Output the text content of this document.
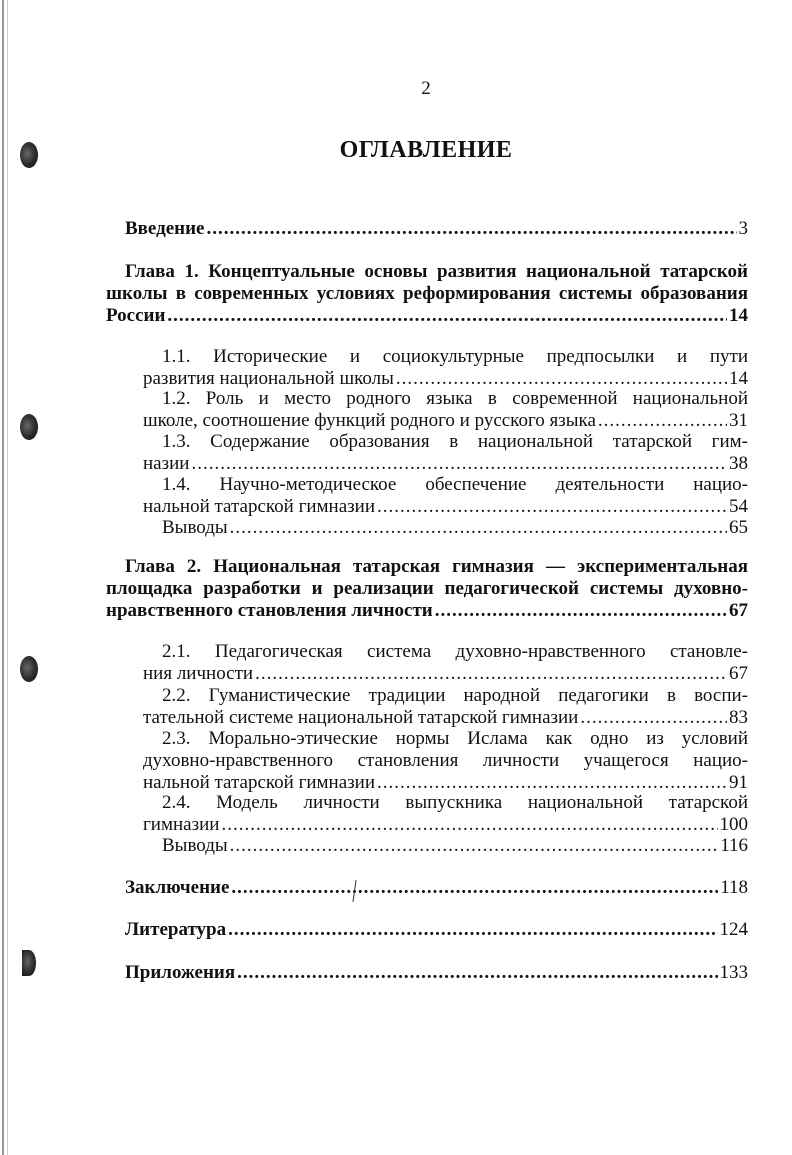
2
ОГЛАВЛЕНИЕ
Введение .....	3
Глава 1. Концептуальные основы развития национальной татарской
школы в современных условиях реформирования системы образования
России .....	14
1.1. Исторические и социокультурные предпосылки и пути
развития национальной школы .....	14
1.2. Роль и место родного языка в современной национальной
школе, соотношение функций родного и русского языка .....	31
1.3. Содержание образования в национальной татарской гим-
назии .....	38
1.4. Научно-методическое обеспечение деятельности нацио-
нальной татарской гимназии .....	54
Выводы .....	65
Глава 2. Национальная татарская гимназия — экспериментальная
площадка разработки и реализации педагогической системы духовно-
нравственного становления личности .....	67
2.1. Педагогическая система духовно-нравственного становле-
ния личности .....	67
2.2. Гуманистические традиции народной педагогики в воспи-
тательной системе национальной татарской гимназии .....	83
2.3. Морально-этические нормы Ислама как одно из условий
духовно-нравственного становления личности учащегося нацио-
нальной татарской гимназии .....	91
2.4. Модель личности выпускника национальной татарской
гимназии .....	100
Выводы .....	116
Заключение .....	118
Литература .....	124
Приложения .....	133
